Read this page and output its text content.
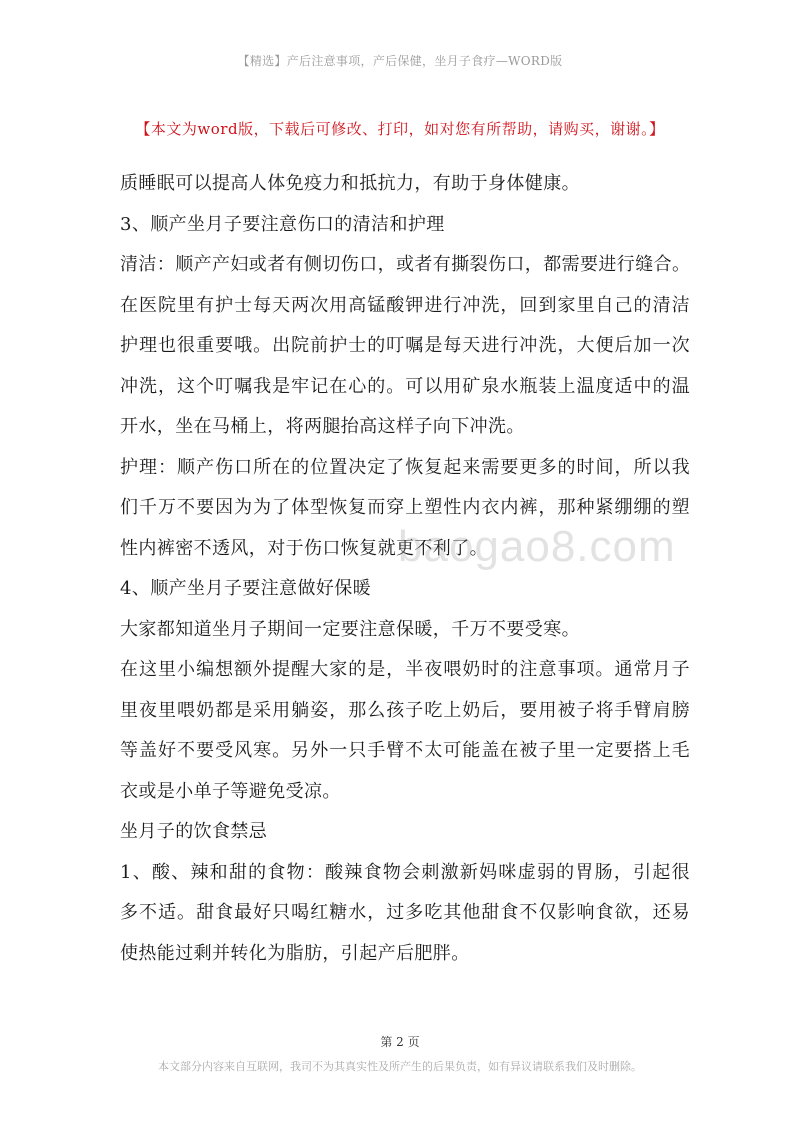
【精选】产后注意事项，产后保健，坐月子食疗—WORD版
【本文为word版，下载后可修改、打印，如对您有所帮助，请购买，谢谢。】
质睡眠可以提高人体免疫力和抵抗力，有助于身体健康。
3、顺产坐月子要注意伤口的清洁和护理
清洁：顺产产妇或者有侧切伤口，或者有撕裂伤口，都需要进行缝合。
在医院里有护士每天两次用高锰酸钾进行冲洗，回到家里自己的清洁
护理也很重要哦。出院前护士的叮嘱是每天进行冲洗，大便后加一次
冲洗，这个叮嘱我是牢记在心的。可以用矿泉水瓶装上温度适中的温
开水，坐在马桶上，将两腿抬高这样子向下冲洗。
护理：顺产伤口所在的位置决定了恢复起来需要更多的时间，所以我
们千万不要因为为了体型恢复而穿上塑性内衣内裤，那种紧绷绷的塑
性内裤密不透风，对于伤口恢复就更不利了。
4、顺产坐月子要注意做好保暖
大家都知道坐月子期间一定要注意保暖，千万不要受寒。
在这里小编想额外提醒大家的是，半夜喂奶时的注意事项。通常月子
里夜里喂奶都是采用躺姿，那么孩子吃上奶后，要用被子将手臂肩膀
等盖好不要受风寒。另外一只手臂不太可能盖在被子里一定要搭上毛
衣或是小单子等避免受凉。
坐月子的饮食禁忌
1、酸、辣和甜的食物：酸辣食物会刺激新妈咪虚弱的胃肠，引起很
多不适。甜食最好只喝红糖水，过多吃其他甜食不仅影响食欲，还易
使热能过剩并转化为脂肪，引起产后肥胖。
baogao8.com
第 2 页
本文部分内容来自互联网，我司不为其真实性及所产生的后果负责，如有异议请联系我们及时删除。
